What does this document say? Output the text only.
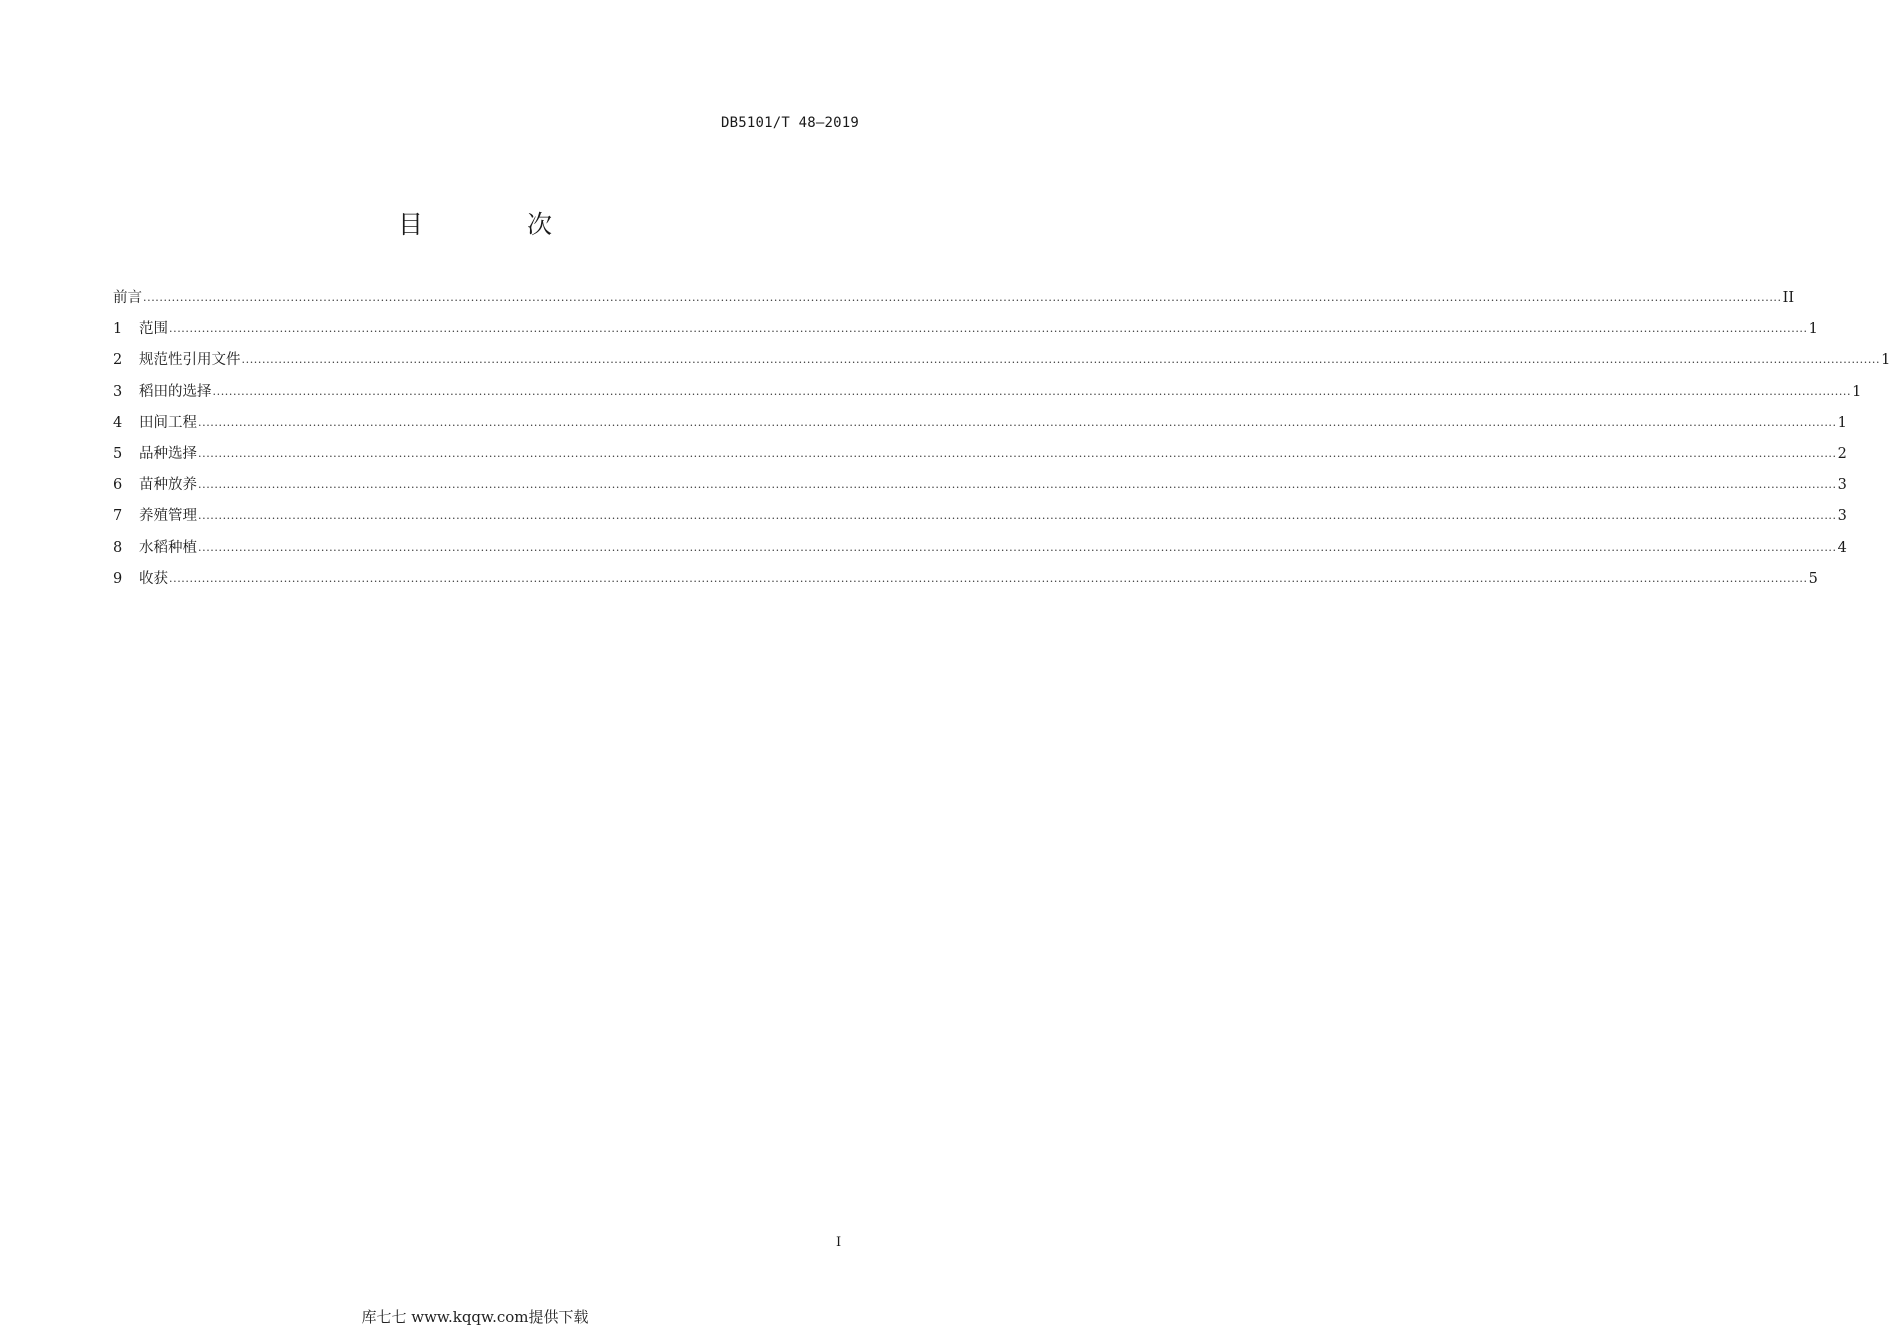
DB5101/T 48—2019
目 次
前言 ................................................................................................................................................................................................................................................................................................................................................................................................................ II
1	范围 ................................................................................................................................................................................................................................................................................................................................................................................................................ 1
2	规范性引用文件 ................................................................................................................................................................................................................................................................................................................................................................................................................ 1
3	稻田的选择 ................................................................................................................................................................................................................................................................................................................................................................................................................ 1
4	田间工程 ................................................................................................................................................................................................................................................................................................................................................................................................................ 1
5	品种选择 ................................................................................................................................................................................................................................................................................................................................................................................................................ 2
6	苗种放养 ................................................................................................................................................................................................................................................................................................................................................................................................................ 3
7	养殖管理 ................................................................................................................................................................................................................................................................................................................................................................................................................ 3
8	水稻种植 ................................................................................................................................................................................................................................................................................................................................................................................................................ 4
9	收获 ................................................................................................................................................................................................................................................................................................................................................................................................................ 5
I
库七七 www.kqqw.com提供下载
